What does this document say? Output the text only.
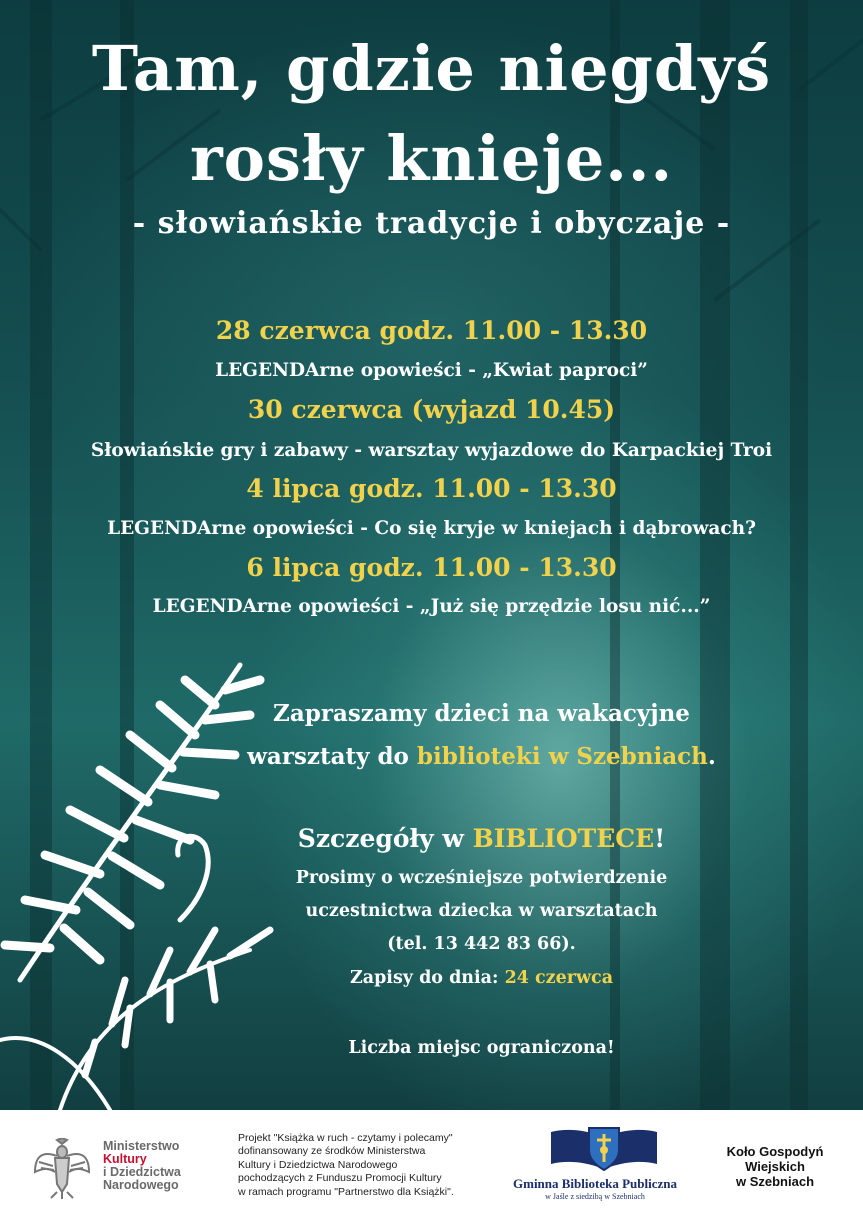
Tam, gdzie niegdyś
rosły knieje...
- słowiańskie tradycje i obyczaje -
28 czerwca godz. 11.00 - 13.30
LEGENDArne opowieści - „Kwiat paproci”
30 czerwca (wyjazd 10.45)
Słowiańskie gry i zabawy - warsztay wyjazdowe do Karpackiej Troi
4 lipca godz. 11.00 - 13.30
LEGENDArne opowieści - Co się kryje w kniejach i dąbrowach?
6 lipca godz. 11.00 - 13.30
LEGENDArne opowieści - „Już się przędzie losu nić...”
Zapraszamy dzieci na wakacyjne
warsztaty do biblioteki w Szebniach.
Szczegóły w BIBLIOTECE!
Prosimy o wcześniejsze potwierdzenie
uczestnictwa dziecka w warsztatach
(tel. 13 442 83 66).
Zapisy do dnia: 24 czerwca
Liczba miejsc ograniczona!
Ministerstwo
Kultury
i Dziedzictwa
Narodowego
Projekt "Książka w ruch - czytamy i polecamy"
dofinansowany ze środków Ministerstwa
Kultury i Dziedzictwa Narodowego
pochodzących z Funduszu Promocji Kultury
w ramach programu "Partnerstwo dla Książki".
Gminna Biblioteka Publiczna
w Jaśle z siedzibą w Szebniach
Koło Gospodyń
Wiejskich
w Szebniach
